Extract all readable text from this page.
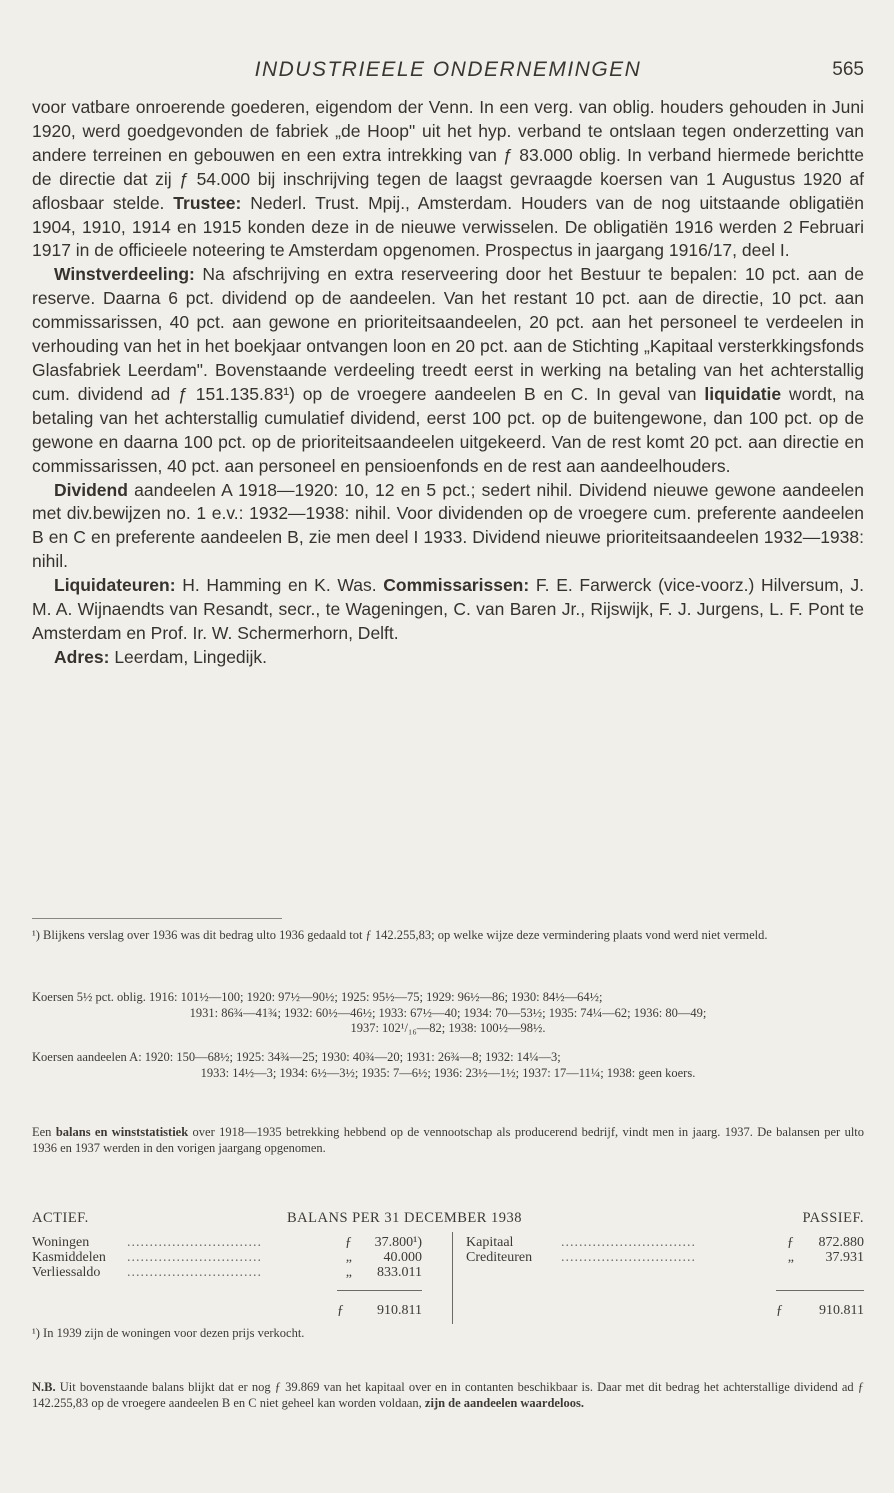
INDUSTRIEELE ONDERNEMINGEN	565

voor vatbare onroerende goederen, eigendom der Venn. In een verg. van oblig. houders gehouden in Juni 1920, werd goedgevonden de fabriek „de Hoop" uit het hyp. verband te ontslaan tegen onderzetting van andere terreinen en gebouwen en een extra intrekking van ƒ 83.000 oblig. In verband hiermede berichtte de directie dat zij ƒ 54.000 bij inschrijving tegen de laagst gevraagde koersen van 1 Augustus 1920 af aflosbaar stelde. Trustee: Nederl. Trust. Mpij., Amsterdam. Houders van de nog uitstaande obligatiën 1904, 1910, 1914 en 1915 konden deze in de nieuwe verwisselen. De obligatiën 1916 werden 2 Februari 1917 in de officieele noteering te Amsterdam opgenomen. Prospectus in jaargang 1916/17, deel I.

Winstverdeeling: Na afschrijving en extra reserveering door het Bestuur te bepalen: 10 pct. aan de reserve. Daarna 6 pct. dividend op de aandeelen. Van het restant 10 pct. aan de directie, 10 pct. aan commissarissen, 40 pct. aan gewone en prioriteitsaandeelen, 20 pct. aan het personeel te verdeelen in verhouding van het in het boekjaar ontvangen loon en 20 pct. aan de Stichting „Kapitaal versterkkingsfonds Glasfabriek Leerdam". Bovenstaande verdeeling treedt eerst in werking na betaling van het achterstallig cum. dividend ad ƒ 151.135.83¹) op de vroegere aandeelen B en C. In geval van liquidatie wordt, na betaling van het achterstallig cumulatief dividend, eerst 100 pct. op de buitengewone, dan 100 pct. op de gewone en daarna 100 pct. op de prioriteitsaandeelen uitgekeerd. Van de rest komt 20 pct. aan directie en commissarissen, 40 pct. aan personeel en pensioenfonds en de rest aan aandeelhouders.

Dividend aandeelen A 1918—1920: 10, 12 en 5 pct.; sedert nihil. Dividend nieuwe gewone aandeelen met div.bewijzen no. 1 e.v.: 1932—1938: nihil. Voor dividenden op de vroegere cum. preferente aandeelen B en C en preferente aandeelen B, zie men deel I 1933. Dividend nieuwe prioriteitsaandeelen 1932—1938: nihil.

Liquidateuren: H. Hamming en K. Was. Commissarissen: F. E. Farwerck (vice-voorz.) Hilversum, J. M. A. Wijnaendts van Resandt, secr., te Wageningen, C. van Baren Jr., Rijswijk, F. J. Jurgens, L. F. Pont te Amsterdam en Prof. Ir. W. Schermerhorn, Delft.

Adres: Leerdam, Lingedijk.

¹) Blijkens verslag over 1936 was dit bedrag ulto 1936 gedaald tot ƒ 142.255,83; op welke wijze deze vermindering plaats vond werd niet vermeld.
Koersen 5½ pct. oblig. 1916: 101½—100; 1920: 97½—90½; 1925: 95½—75; 1929: 96½—86; 1930: 84½—64½;
1931: 86¾—41¾; 1932: 60½—46½; 1933: 67½—40; 1934: 70—53½; 1935: 74¼—62; 1936: 80—49;
1937: 102¹/₁₆—82; 1938: 100½—98½.
Koersen aandeelen A: 1920: 150—68½; 1925: 34¾—25; 1930: 40¾—20; 1931: 26¾—8; 1932: 14¼—3;
1933: 14½—3; 1934: 6½—3½; 1935: 7—6½; 1936: 23½—1½; 1937: 17—11¼; 1938: geen koers.
Een balans en winststatistiek over 1918—1935 betrekking hebbend op de vennootschap als producerend bedrijf, vindt men in jaarg. 1937. De balansen per ulto 1936 en 1937 werden in den vorigen jaargang opgenomen.
ACTIEF.	BALANS PER 31 DECEMBER 1938	PASSIEF.
Woningen	..............................	ƒ 37.800¹)
Kasmiddelen ..............................	„ 40.000
Verliessaldo ..............................	„ 833.011
Kapitaal	..............................	ƒ 872.880
Crediteuren ..............................	„ 37.931
ƒ 910.811	ƒ	910.811
¹) In 1939 zijn de woningen voor dezen prijs verkocht.
N.B. Uit bovenstaande balans blijkt dat er nog ƒ 39.869 van het kapitaal over en in contanten beschikbaar is. Daar met dit bedrag het achterstallige dividend ad ƒ 142.255,83 op de vroegere aandeelen B en C niet geheel kan worden voldaan, zijn de aandeelen waardeloos.
